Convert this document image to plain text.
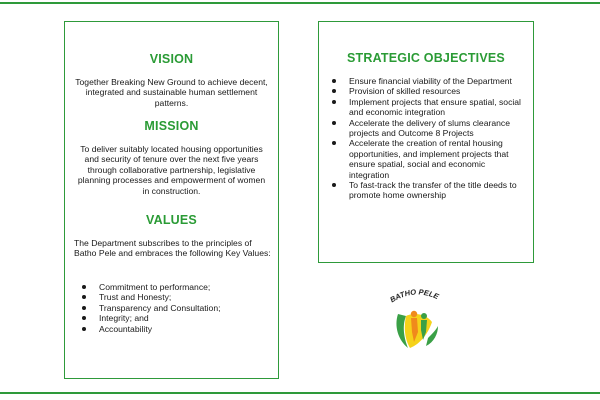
VISION
Together Breaking New Ground to achieve decent, integrated and sustainable human settlement patterns.
MISSION
To deliver suitably located housing opportunities and security of tenure over the next five years through collaborative partnership, legislative planning processes and empowerment of women in construction.
VALUES
The Department subscribes to the principles of Batho Pele and embraces the following Key Values:
Commitment to performance;
Trust and Honesty;
Transparency and Consultation;
Integrity; and
Accountability
STRATEGIC OBJECTIVES
Ensure financial viability of the Department
Provision of skilled resources
Implement projects that ensure spatial, social and economic integration
Accelerate the delivery of slums clearance projects and Outcome 8 Projects
Accelerate the creation of rental housing opportunities, and implement projects that ensure spatial, social and economic integration
To fast-track the transfer of the title deeds to promote home ownership
BATHO PELE
